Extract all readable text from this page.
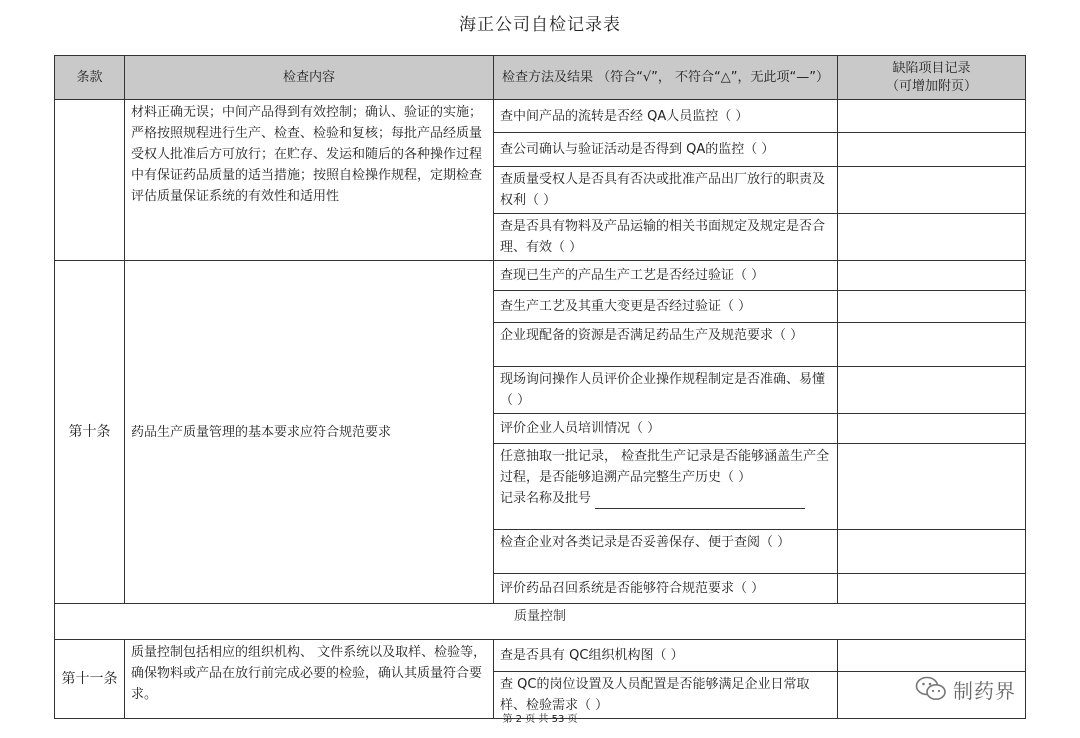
海正公司自检记录表
条款	检查内容	检查方法及结果 （符合“√”， 不符合“△”，无此项“—”）	缺陷项目记录
（可增加附页）
	材料正确无误；中间产品得到有效控制；确认、验证的实施；严格按照规程进行生产、检查、检验和复核；每批产品经质量受权人批准后方可放行；在贮存、发运和随后的各种操作过程中有保证药品质量的适当措施；按照自检操作规程，定期检查评估质量保证系统的有效性和适用性	查中间产品的流转是否经 QA人员监控（ ）	
		查公司确认与验证活动是否得到 QA的监控（ ）	
		查质量受权人是否具有否决或批准产品出厂放行的职责及权利（ ）	
		查是否具有物料及产品运输的相关书面规定及规定是否合理、有效（ ）	
第十条	药品生产质量管理的基本要求应符合规范要求	查现已生产的产品生产工艺是否经过验证（ ）	
		查生产工艺及其重大变更是否经过验证（ ）	
		企业现配备的资源是否满足药品生产及规范要求（ ）	
		现场询问操作人员评价企业操作规程制定是否准确、易懂（ ）	
		评价企业人员培训情况（ ）	

		任意抽取一批记录， 检查批生产记录是否能够涵盖生产全过程，是否能够追溯产品完整生产历史（ ）
记录名称及批号	

		检查企业对各类记录是否妥善保存、便于查阅（ ）	
		评价药品召回系统是否能够符合规范要求（ ）	
质量控制			
第十一条	质量控制包括相应的组织机构、 文件系统以及取样、检验等，确保物料或产品在放行前完成必要的检验，确认其质量符合要求。	查是否具有 QC组织机构图（ ）	
		查 QC的岗位设置及人员配置是否能够满足企业日常取样、检验需求（ ）	
第 2 页 共 53 页
制药界
